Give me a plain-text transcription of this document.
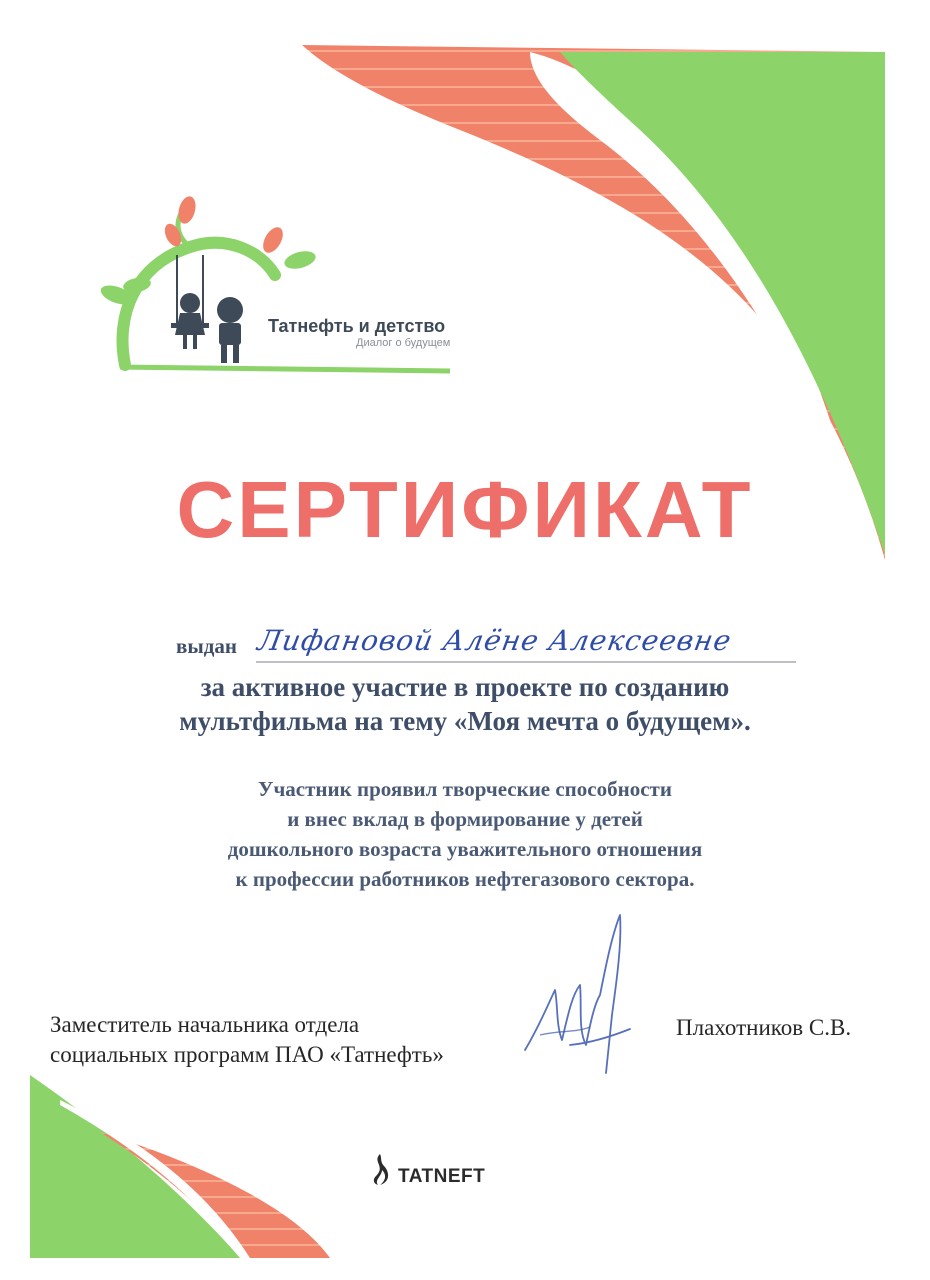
Татнефть и детство
Диалог о будущем
СЕРТИФИКАТ
выдан Лифановой Алёне Алексеевне
за активное участие в проекте по созданию
мультфильма на тему «Моя мечта о будущем».
Участник проявил творческие способности
и внес вклад в формирование у детей
дошкольного возраста уважительного отношения
к профессии работников нефтегазового сектора.
Заместитель начальника отдела
социальных программ ПАО «Татнефть»
Плахотников С.В.
TATNEFT
